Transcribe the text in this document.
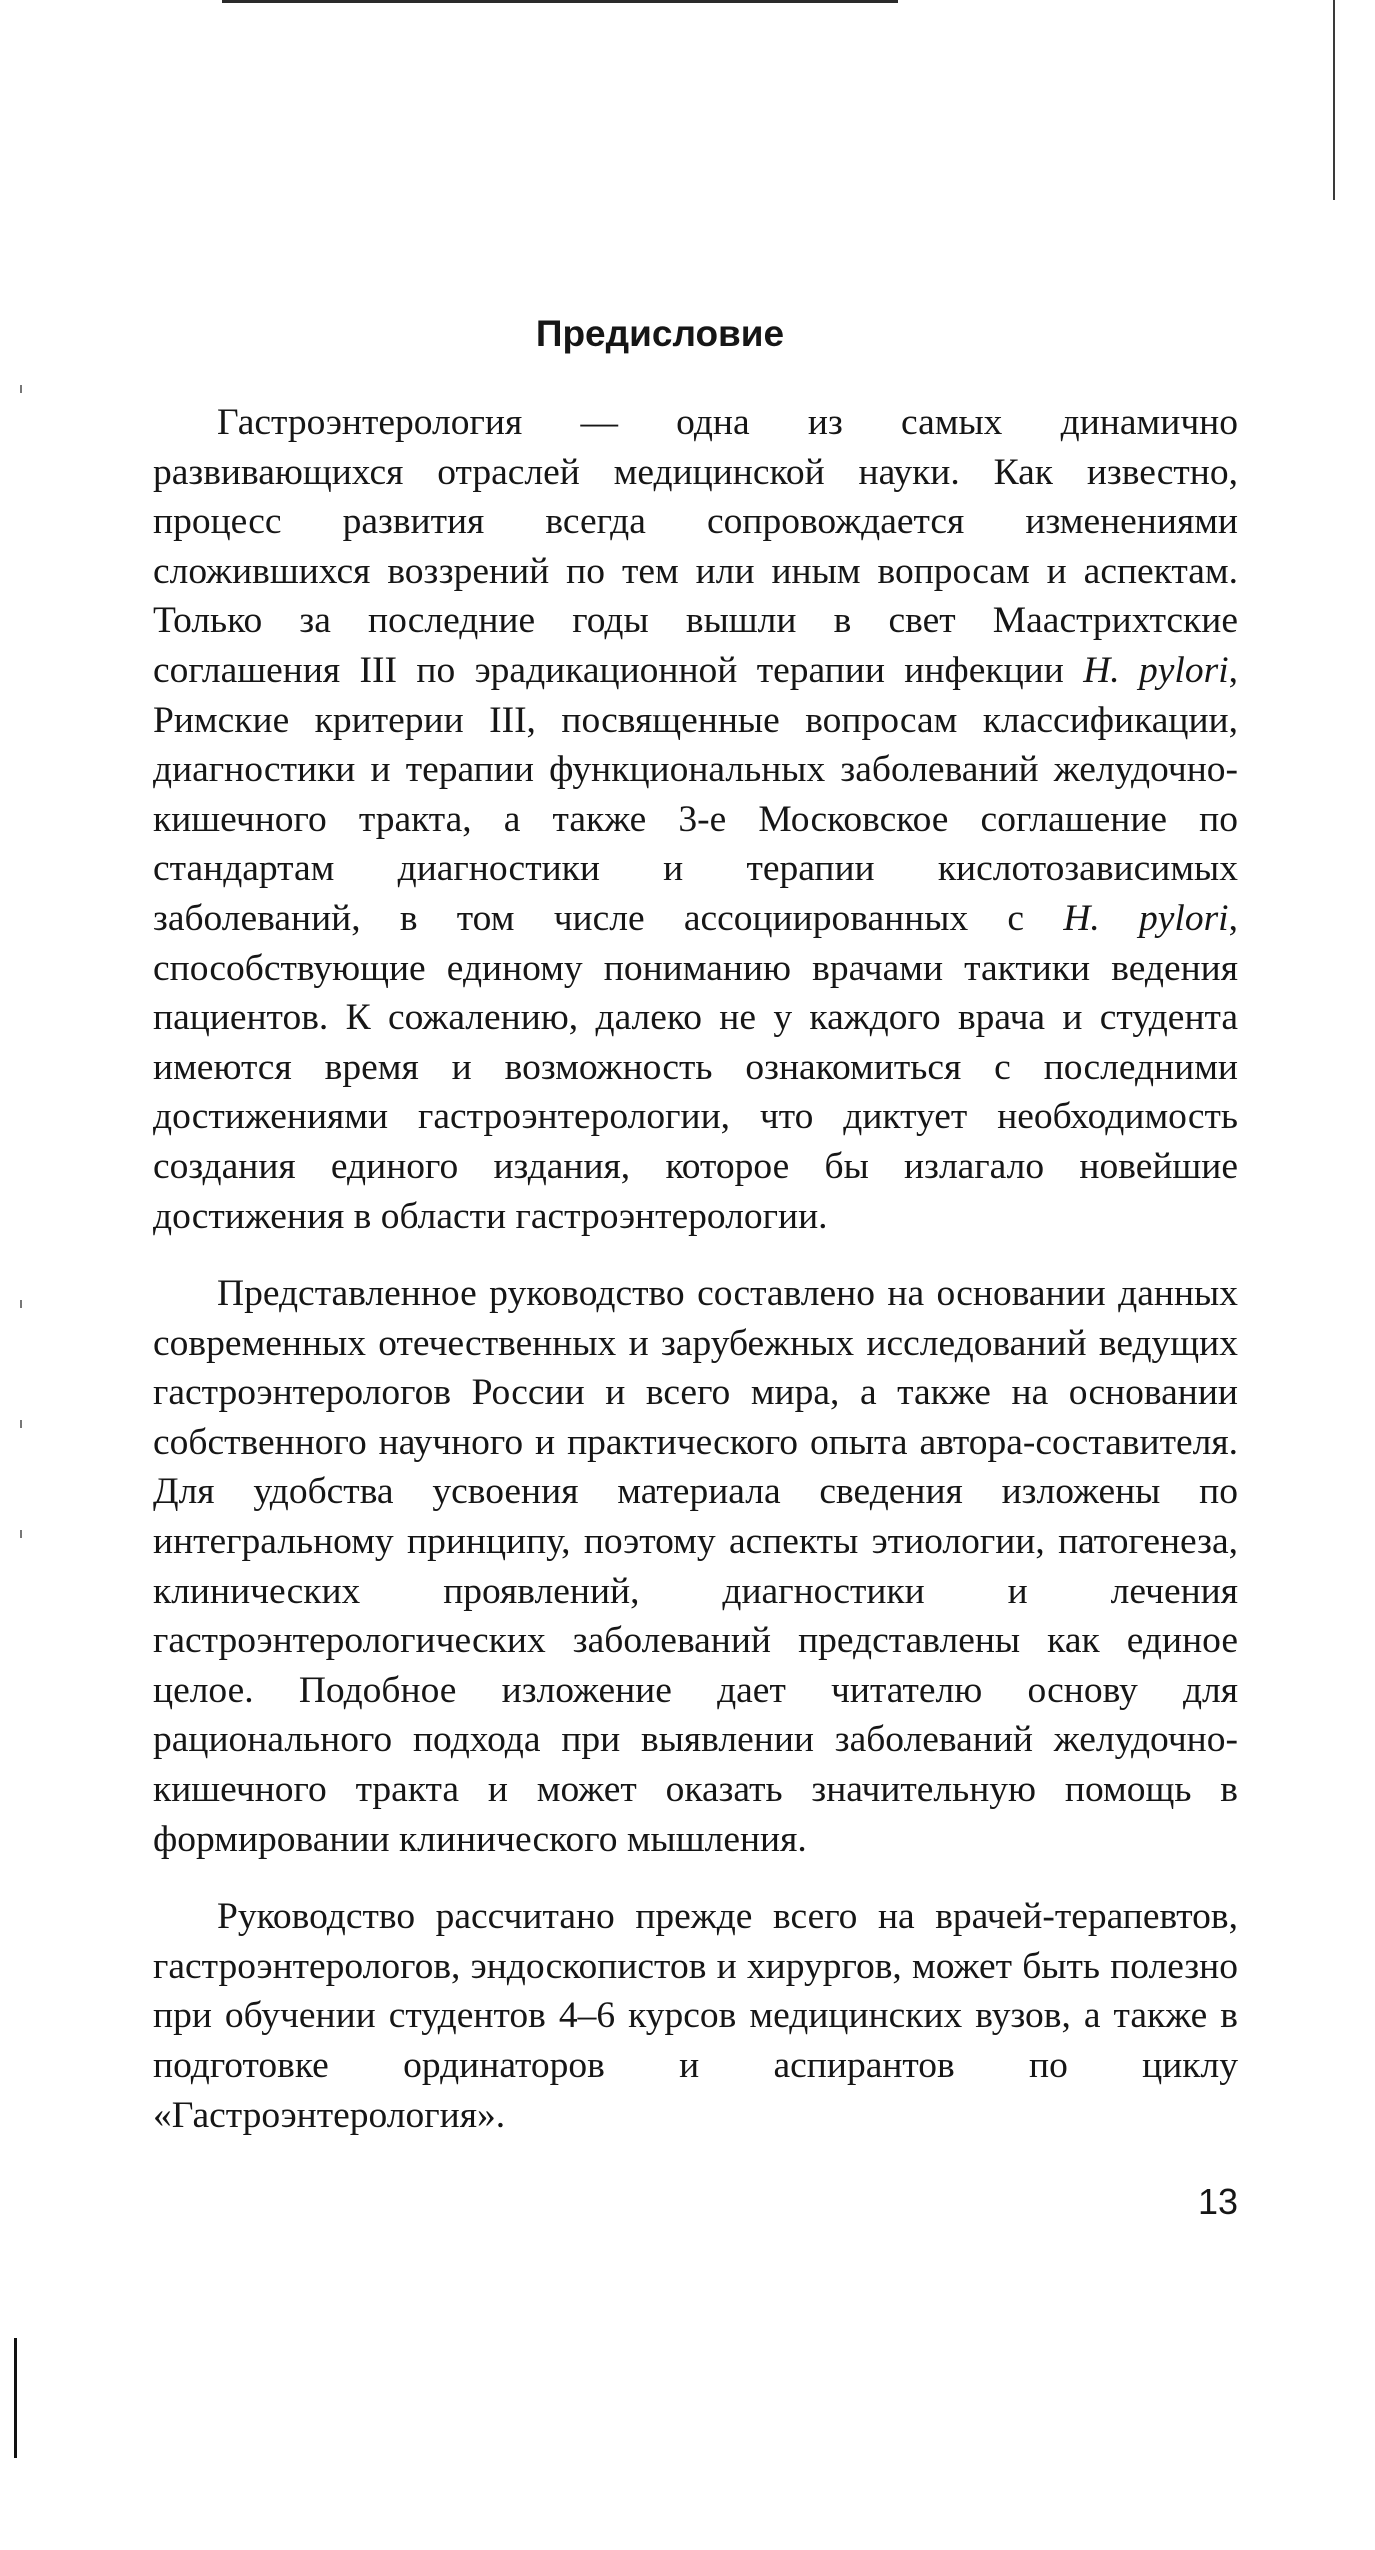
Предисловие

Гастроэнтерология — одна из самых динамично развивающихся отраслей медицинской науки. Как известно, процесс развития всегда сопровождается изменениями сложившихся воззрений по тем или иным вопросам и аспектам. Только за последние годы вышли в свет Маастрихтские соглашения III по эрадикационной терапии инфекции H. pylori, Римские критерии III, посвященные вопросам классификации, диагностики и терапии функциональных заболеваний желудочно-кишечного тракта, а также 3-е Московское соглашение по стандартам диагностики и терапии кислотозависимых заболеваний, в том числе ассоциированных с H. pylori, способствующие единому пониманию врачами тактики ведения пациентов. К сожалению, далеко не у каждого врача и студента имеются время и возможность ознакомиться с последними достижениями гастроэнтерологии, что диктует необходимость создания единого издания, которое бы излагало новейшие достижения в области гастроэнтерологии.

Представленное руководство составлено на основании данных современных отечественных и зарубежных исследований ведущих гастроэнтерологов России и всего мира, а также на основании собственного научного и практического опыта автора-составителя. Для удобства усвоения материала сведения изложены по интегральному принципу, поэтому аспекты этиологии, патогенеза, клинических проявлений, диагностики и лечения гастроэнтерологических заболеваний представлены как единое целое. Подобное изложение дает читателю основу для рационального подхода при выявлении заболеваний желудочно-кишечного тракта и может оказать значительную помощь в формировании клинического мышления.

Руководство рассчитано прежде всего на врачей-терапевтов, гастроэнтерологов, эндоскопистов и хирургов, может быть полезно при обучении студентов 4–6 курсов медицинских вузов, а также в подготовке ординаторов и аспирантов по циклу «Гастроэнтерология».

13
